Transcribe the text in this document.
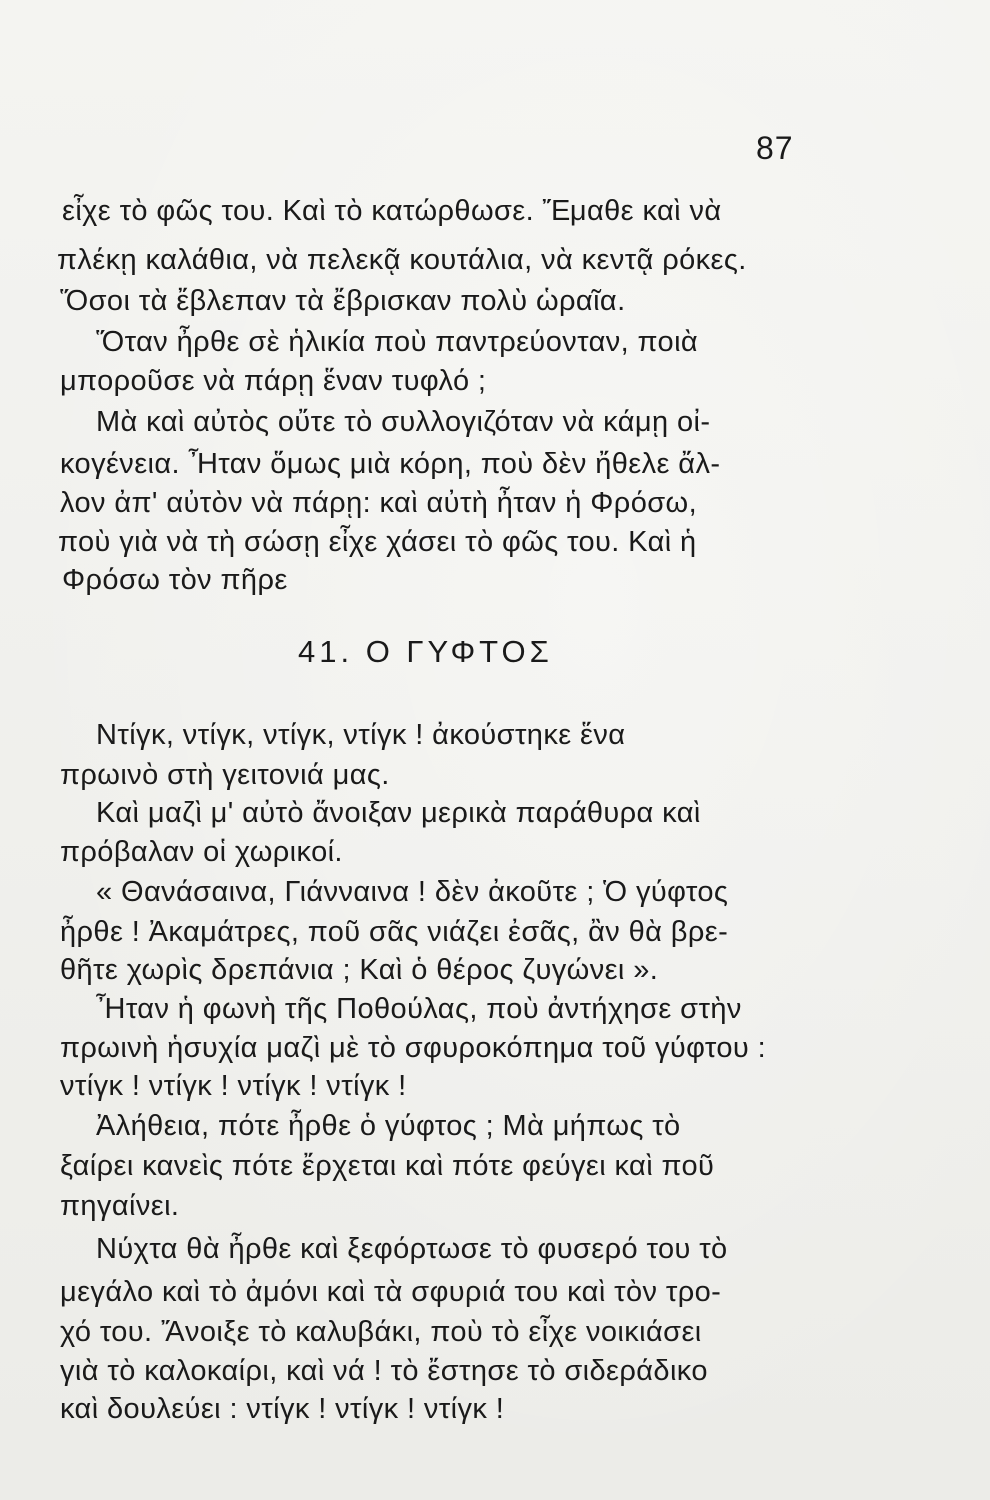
87
εἶχε τὸ φῶς του. Καὶ τὸ κατώρθωσε. Ἔμαθε καὶ νὰ
πλέκῃ καλάθια, νὰ πελεκᾷ κουτάλια, νὰ κεντᾷ ρόκες.
Ὅσοι τὰ ἔβλεπαν τὰ ἔβρισκαν πολὺ ὡραῖα.
Ὅταν ἦρθε σὲ ἡλικία ποὺ παντρεύονταν, ποιὰ
μποροῦσε νὰ πάρῃ ἕναν τυφλό ;
Μὰ καὶ αὐτὸς οὔτε τὸ συλλογιζόταν νὰ κάμῃ οἰ-
κογένεια. Ἦταν ὅμως μιὰ κόρη, ποὺ δὲν ἤθελε ἄλ-
λον ἀπ' αὐτὸν νὰ πάρῃ: καὶ αὐτὴ ἦταν ἡ Φρόσω,
ποὺ γιὰ νὰ τὴ σώσῃ εἶχε χάσει τὸ φῶς του. Καὶ ἡ
Φρόσω τὸν πῆρε
41. Ο ΓΥΦΤΟΣ
Ντίγκ, ντίγκ, ντίγκ, ντίγκ ! ἀκούστηκε ἕνα
πρωινὸ στὴ γειτονιά μας.
Καὶ μαζὶ μ' αὐτὸ ἄνοιξαν μερικὰ παράθυρα καὶ
πρόβαλαν οἱ χωρικοί.
« Θανάσαινα, Γιάνναινα ! δὲν ἀκοῦτε ; Ὁ γύφτος
ἦρθε ! Ἀκαμάτρες, ποῦ σᾶς νιάζει ἐσᾶς, ἂν θὰ βρε-
θῆτε χωρὶς δρεπάνια ; Καὶ ὁ θέρος ζυγώνει ».
Ἦταν ἡ φωνὴ τῆς Ποθούλας, ποὺ ἀντήχησε στὴν
πρωινὴ ἡσυχία μαζὶ μὲ τὸ σφυροκόπημα τοῦ γύφτου :
ντίγκ ! ντίγκ ! ντίγκ ! ντίγκ !
Ἀλήθεια, πότε ἦρθε ὁ γύφτος ; Μὰ μήπως τὸ
ξαίρει κανεὶς πότε ἔρχεται καὶ πότε φεύγει καὶ ποῦ
πηγαίνει.
Νύχτα θὰ ἦρθε καὶ ξεφόρτωσε τὸ φυσερό του τὸ
μεγάλο καὶ τὸ ἀμόνι καὶ τὰ σφυριά του καὶ τὸν τρο-
χό του. Ἄνοιξε τὸ καλυβάκι, ποὺ τὸ εἶχε νοικιάσει
γιὰ τὸ καλοκαίρι, καὶ νά ! τὸ ἔστησε τὸ σιδεράδικο
καὶ δουλεύει : ντίγκ ! ντίγκ ! ντίγκ !
